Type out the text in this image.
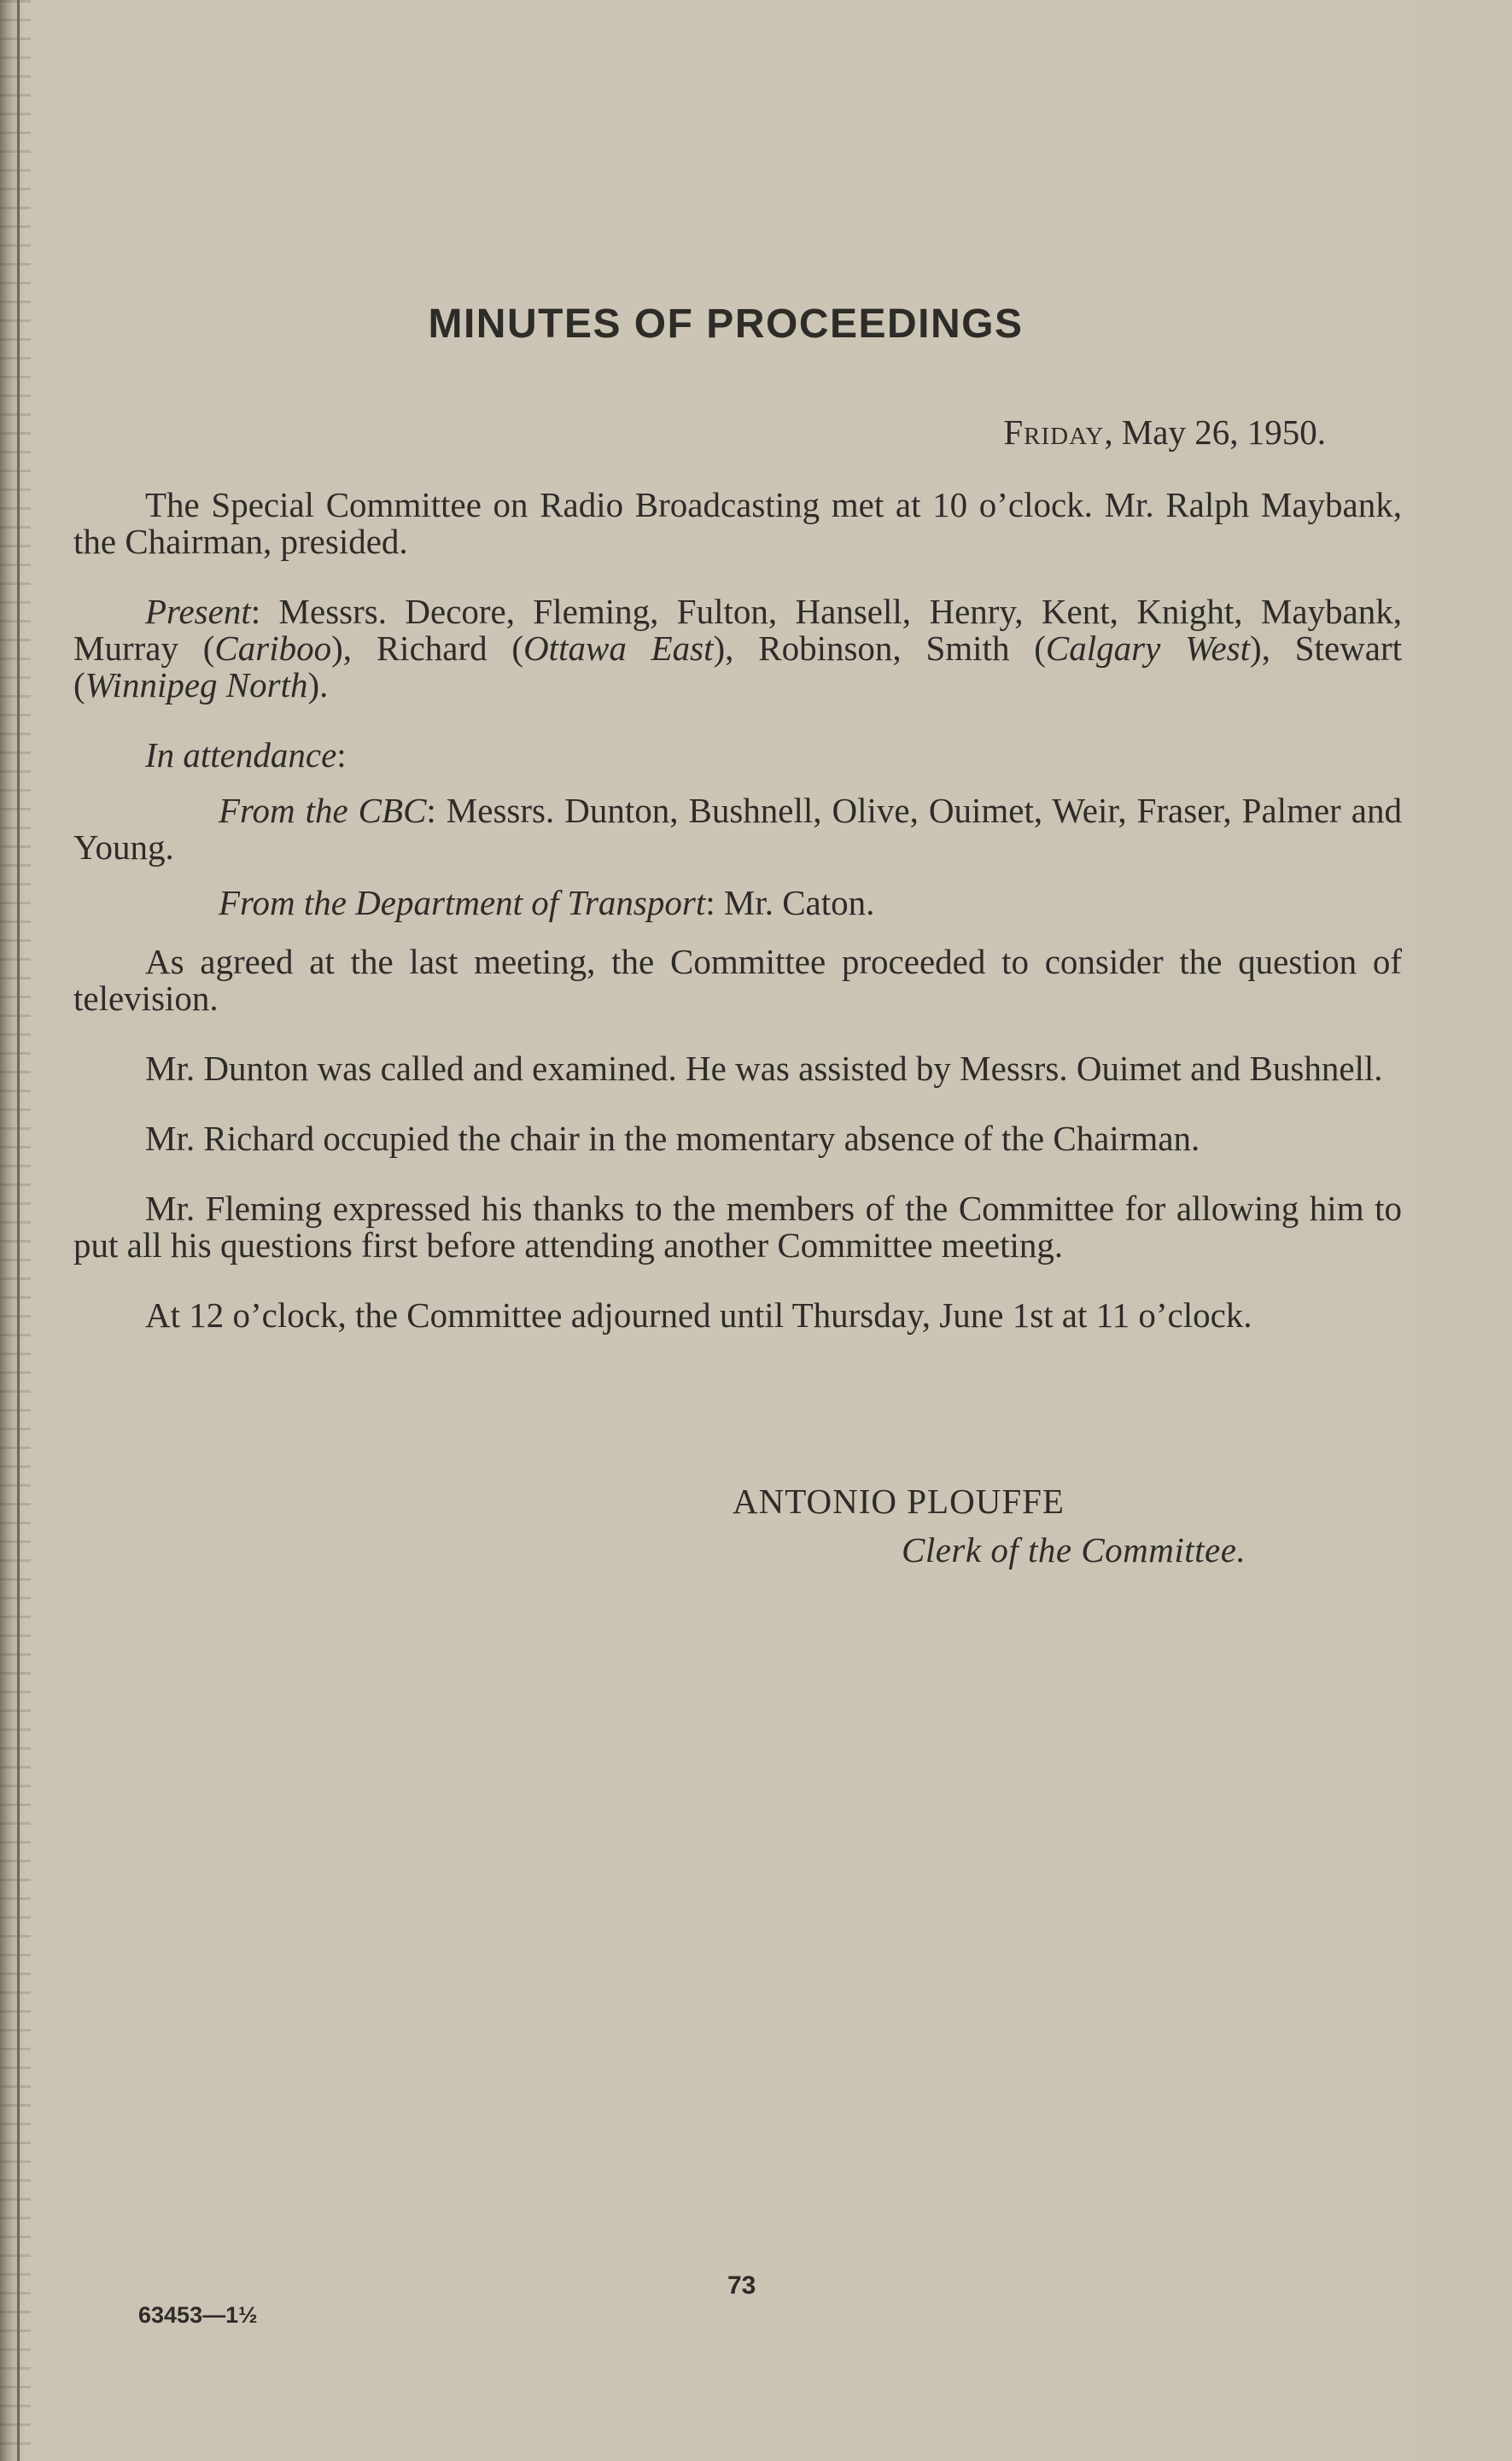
MINUTES OF PROCEEDINGS
Friday, May 26, 1950.

The Special Committee on Radio Broadcasting met at 10 o’clock. Mr. Ralph Maybank, the Chairman, presided.

Present: Messrs. Decore, Fleming, Fulton, Hansell, Henry, Kent, Knight, Maybank, Murray (Cariboo), Richard (Ottawa East), Robinson, Smith (Calgary West), Stewart (Winnipeg North).

In attendance:

From the CBC: Messrs. Dunton, Bushnell, Olive, Ouimet, Weir, Fraser, Palmer and Young.

From the Department of Transport: Mr. Caton.

As agreed at the last meeting, the Committee proceeded to consider the question of television.

Mr. Dunton was called and examined. He was assisted by Messrs. Ouimet and Bushnell.

Mr. Richard occupied the chair in the momentary absence of the Chairman.

Mr. Fleming expressed his thanks to the members of the Committee for allowing him to put all his questions first before attending another Committee meeting.

At 12 o’clock, the Committee adjourned until Thursday, June 1st at 11 o’clock.

ANTONIO PLOUFFE
Clerk of the Committee.
73
63453—1½
